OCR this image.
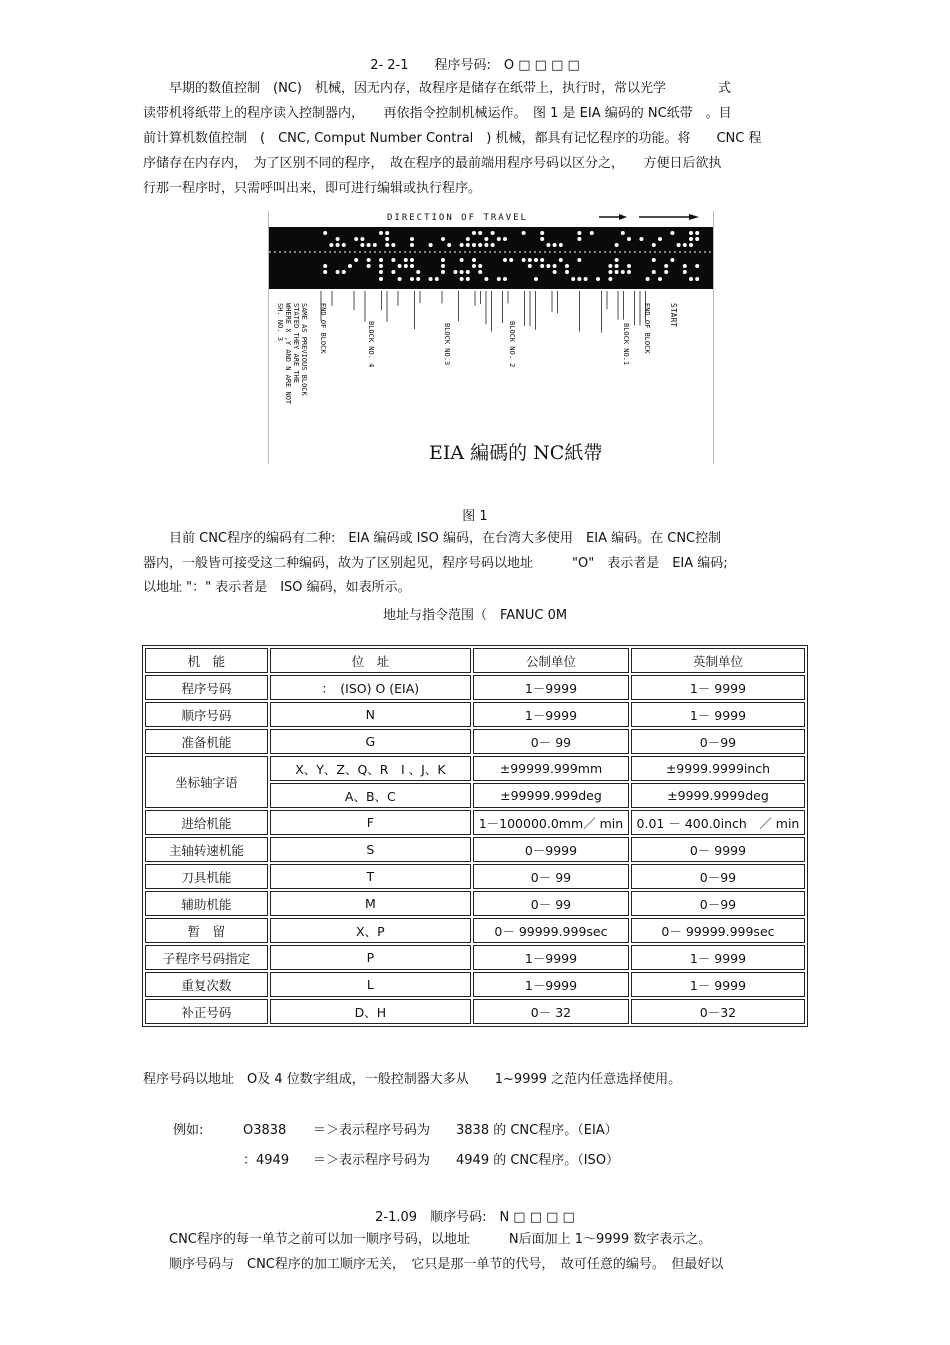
2- 2-1　　程序号码:　O □ □ □ □
　　早期的数值控制　(NC)　机械，因无内存，故程序是储存在纸带上，执行时，常以光学　　　　式
读带机将纸带上的程序读入控制器内，　　再依指令控制机械运作。　图 1 是 EIA 编码的 NC纸带　。目
前计算机数值控制　(　CNC, Comput Number Contral　) 机械，都具有记忆程序的功能。将　　CNC 程
序储存在内存内，　为了区别不同的程序，　故在程序的最前端用程序号码以区分之，　　方便日后欲执
行那一程序时，只需呼叫出来，即可进行编辑或执行程序。
DIRECTION OF TRAVEL
SH. NO. 3 WHERE X ,Y AND N ARE NOT STATED THEY ARE THE SAME AS PREVIOUS BLOCK END OF BLOCK	BLOCK NO. 4	BLOCK NO.3	BLOCK NO. 2	BLOCK NO.1 END OF BLOCK START
EIA 編碼的 NC紙帶
图 1
　　目前 CNC程序的编码有二种:　EIA 编码或 ISO 编码，在台湾大多使用　EIA 编码。在 CNC控制
器内，一般皆可接受这二种编码，故为了区别起见，程序号码以地址　　　"O"　表示者是　EIA 编码;
以地址 "：" 表示者是　ISO 编码，如表所示。
地址与指令范围（　FANUC 0M
机　能	位　址	公制单位	英制单位
程序号码	：　(ISO) O (EIA)	1－9999	1－ 9999
顺序号码	N	1－9999	1－ 9999
准备机能	G	0－ 99	0－99
坐标轴字语	X、Y、Z、Q、R　I 、J、K	±99999.999mm	±9999.9999inch
	A、B、C	±99999.999deg	±9999.9999deg
进给机能	F	1－100000.0mm／ min	0.01 － 400.0inch　／ min
主轴转速机能	S	0－9999	0－ 9999
刀具机能	T	0－ 99	0－99
辅助机能	M	0－ 99	0－99
暂　留	X、P	0－ 99999.999sec	0－ 99999.999sec
子程序号码指定	P	1－9999	1－ 9999
重复次数	L	1－9999	1－ 9999
补正号码	D、H	0－ 32	0－32
程序号码以地址　O及 4 位数字组成，一般控制器大多从　　1~9999 之范内任意选择使用。
例如:	O3838 ＝＞表示程序号码为　　3838 的 CNC程序。（EIA）
：4949 ＝＞表示程序号码为　　4949 的 CNC程序。（ISO）
2-1.09　顺序号码:　N □ □ □ □
　　CNC程序的每一单节之前可以加一顺序号码，以地址　　　N后面加上 1～9999 数字表示之。
　　顺序号码与　CNC程序的加工顺序无关，　它只是那一单节的代号，　故可任意的编号。　但最好以
